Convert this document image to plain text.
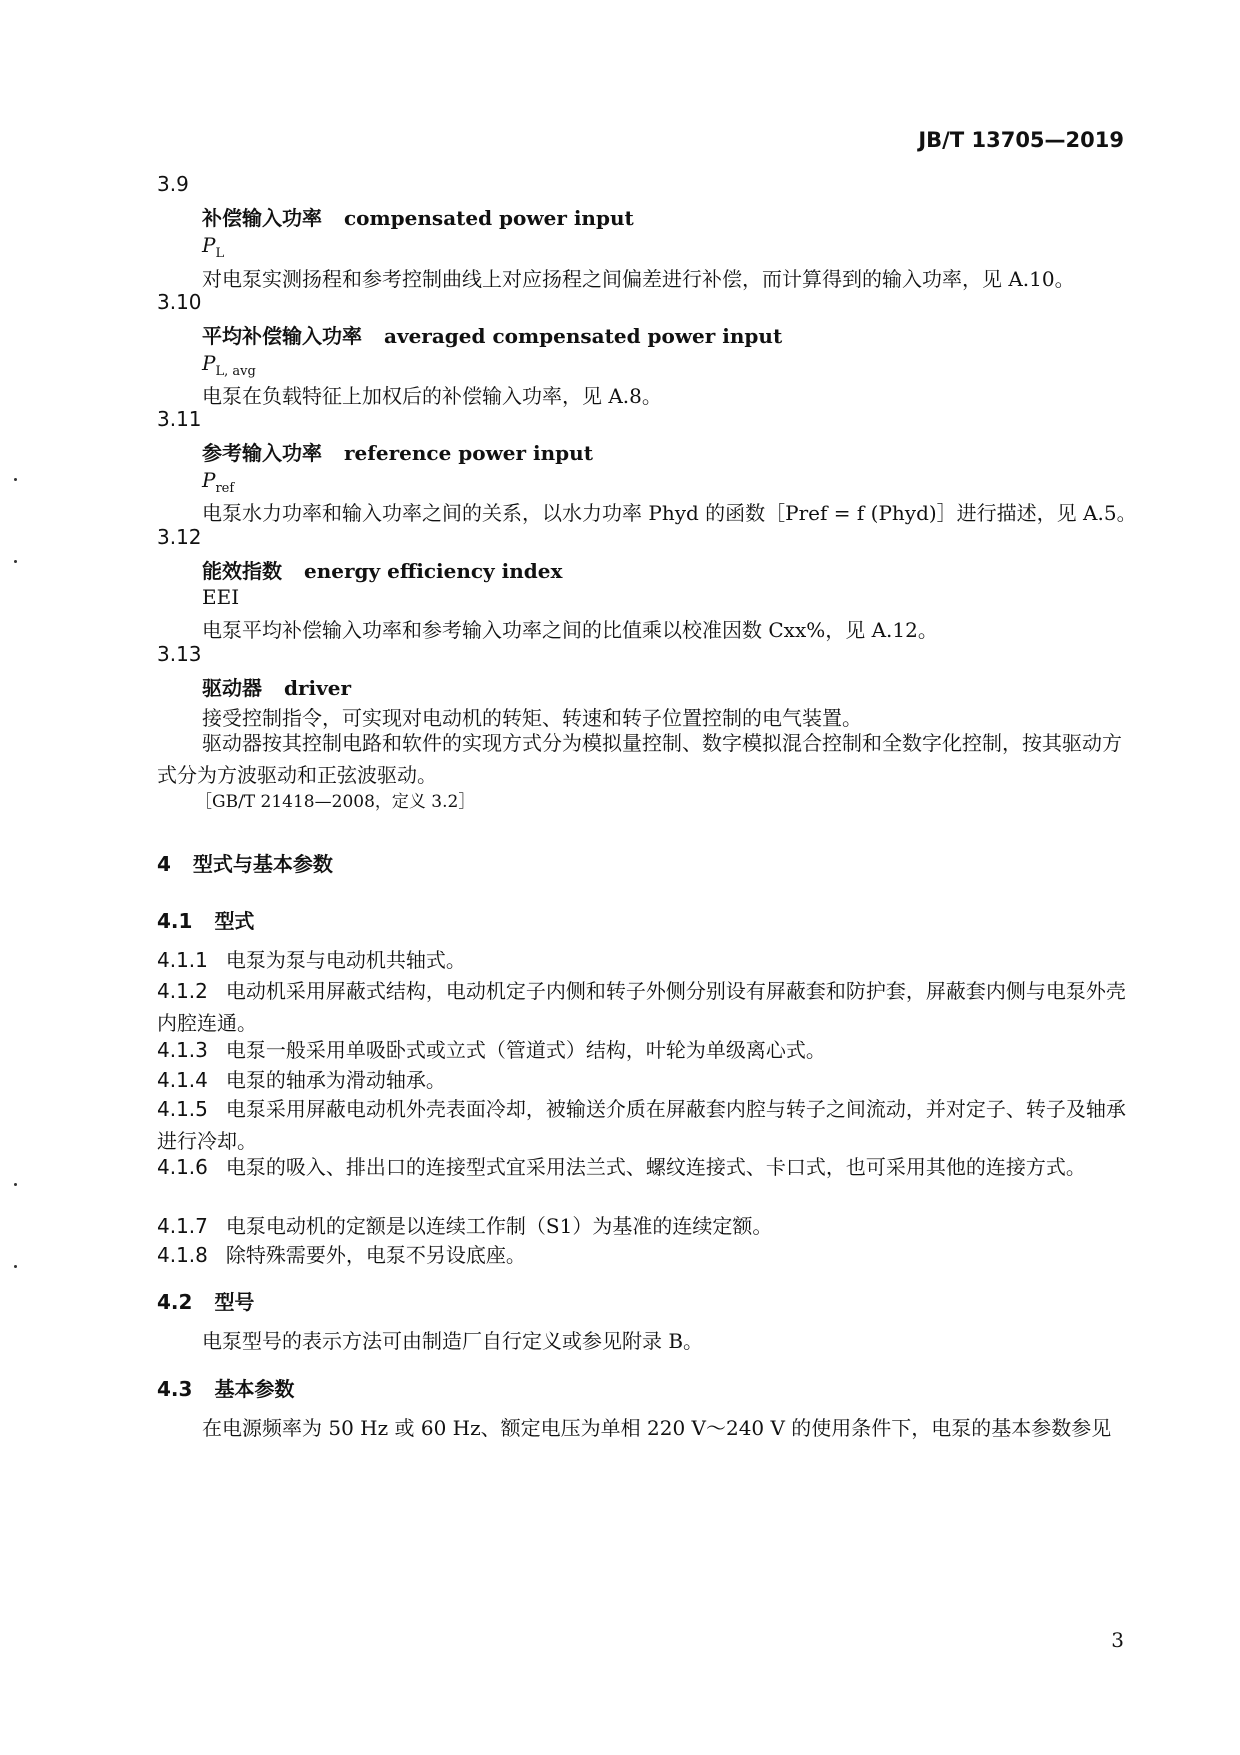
JB/T 13705—2019
3.9
补偿输入功率 compensated power input
$P_L$
对电泵实测扬程和参考控制曲线上对应扬程之间偏差进行补偿，而计算得到的输入功率，见 A.10。
3.10
平均补偿输入功率 averaged compensated power input
$P_{L, avg}$
电泵在负载特征上加权后的补偿输入功率，见 A.8。
3.11
参考输入功率 reference power input
$P_{ref}$
电泵水力功率和输入功率之间的关系，以水力功率 Phyd 的函数［Pref = f (Phyd)］进行描述，见 A.5。
3.12
能效指数 energy efficiency index
EEI
电泵平均补偿输入功率和参考输入功率之间的比值乘以校准因数 Cxx%，见 A.12。
3.13
驱动器 driver
接受控制指令，可实现对电动机的转矩、转速和转子位置控制的电气装置。
驱动器按其控制电路和软件的实现方式分为模拟量控制、数字模拟混合控制和全数字化控制，按其驱动方式分为方波驱动和正弦波驱动。
［GB/T 21418—2008，定义 3.2］
4 型式与基本参数
4.1 型式
4.1.1 电泵为泵与电动机共轴式。
4.1.2 电动机采用屏蔽式结构，电动机定子内侧和转子外侧分别设有屏蔽套和防护套，屏蔽套内侧与电泵外壳内腔连通。
4.1.3 电泵一般采用单吸卧式或立式（管道式）结构，叶轮为单级离心式。
4.1.4 电泵的轴承为滑动轴承。
4.1.5 电泵采用屏蔽电动机外壳表面冷却，被输送介质在屏蔽套内腔与转子之间流动，并对定子、转子及轴承进行冷却。
4.1.6 电泵的吸入、排出口的连接型式宜采用法兰式、螺纹连接式、卡口式，也可采用其他的连接方式。
4.1.7 电泵电动机的定额是以连续工作制（S1）为基准的连续定额。
4.1.8 除特殊需要外，电泵不另设底座。
4.2 型号
电泵型号的表示方法可由制造厂自行定义或参见附录 B。
4.3 基本参数
在电源频率为 50 Hz 或 60 Hz、额定电压为单相 220 V～240 V 的使用条件下，电泵的基本参数参见
3
